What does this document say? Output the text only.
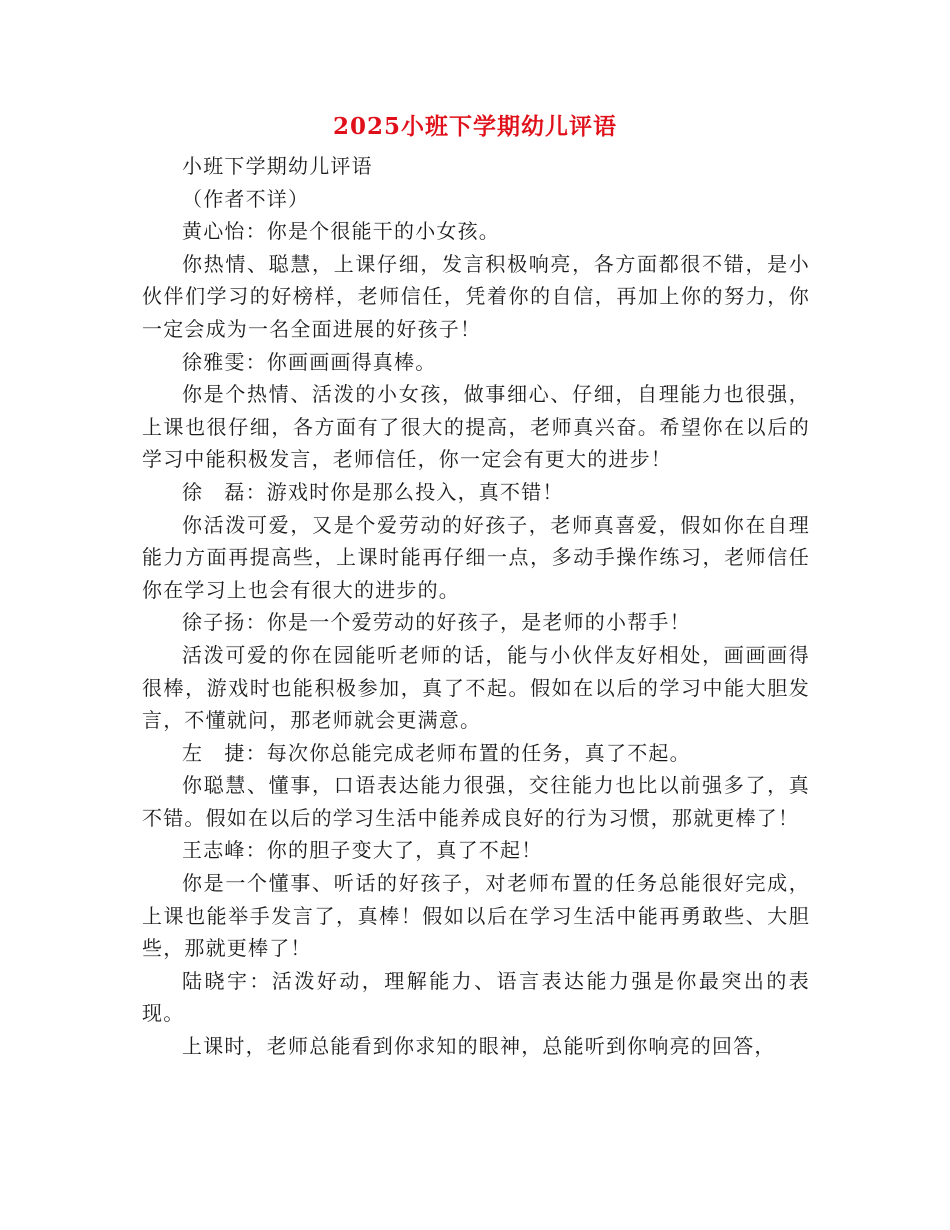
2025小班下学期幼儿评语

小班下学期幼儿评语

（作者不详）

黄心怡：你是个很能干的小女孩。

你热情、聪慧，上课仔细，发言积极响亮，各方面都很不错，是小伙伴们学习的好榜样，老师信任，凭着你的自信，再加上你的努力，你一定会成为一名全面进展的好孩子！

徐雅雯：你画画画得真棒。

你是个热情、活泼的小女孩，做事细心、仔细，自理能力也很强，上课也很仔细，各方面有了很大的提高，老师真兴奋。希望你在以后的学习中能积极发言，老师信任，你一定会有更大的进步！

徐　磊：游戏时你是那么投入，真不错！

你活泼可爱，又是个爱劳动的好孩子，老师真喜爱，假如你在自理能力方面再提高些，上课时能再仔细一点，多动手操作练习，老师信任你在学习上也会有很大的进步的。

徐子扬：你是一个爱劳动的好孩子，是老师的小帮手！

活泼可爱的你在园能听老师的话，能与小伙伴友好相处，画画画得很棒，游戏时也能积极参加，真了不起。假如在以后的学习中能大胆发言，不懂就问，那老师就会更满意。

左　捷：每次你总能完成老师布置的任务，真了不起。

你聪慧、懂事，口语表达能力很强，交往能力也比以前强多了，真不错。假如在以后的学习生活中能养成良好的行为习惯，那就更棒了！

王志峰：你的胆子变大了，真了不起！

你是一个懂事、听话的好孩子，对老师布置的任务总能很好完成，上课也能举手发言了，真棒！假如以后在学习生活中能再勇敢些、大胆些，那就更棒了！

陆晓宇：活泼好动，理解能力、语言表达能力强是你最突出的表现。

上课时，老师总能看到你求知的眼神，总能听到你响亮的回答，
